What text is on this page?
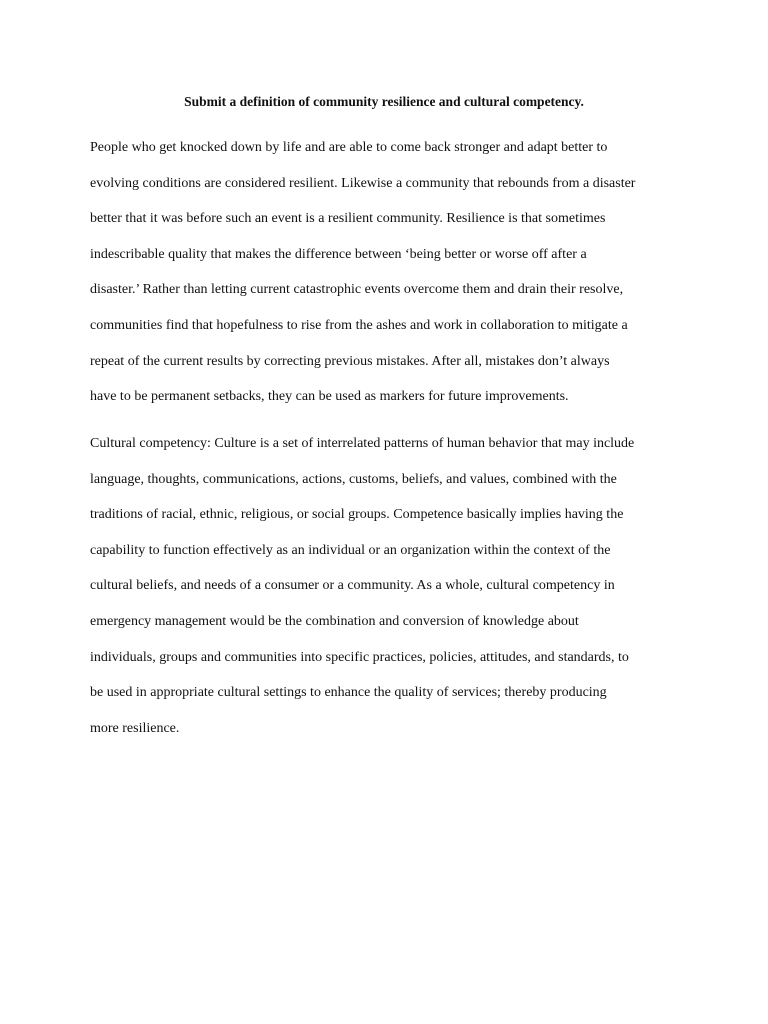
Submit a definition of community resilience and cultural competency.
People who get knocked down by life and are able to come back stronger and adapt better to
evolving conditions are considered resilient. Likewise a community that rebounds from a disaster
better that it was before such an event is a resilient community. Resilience is that sometimes
indescribable quality that makes the difference between ‘being better or worse off after a
disaster.’ Rather than letting current catastrophic events overcome them and drain their resolve,
communities find that hopefulness to rise from the ashes and work in collaboration to mitigate a
repeat of the current results by correcting previous mistakes. After all, mistakes don’t always
have to be permanent setbacks, they can be used as markers for future improvements.
Cultural competency: Culture is a set of interrelated patterns of human behavior that may include
language, thoughts, communications, actions, customs, beliefs, and values, combined with the
traditions of racial, ethnic, religious, or social groups. Competence basically implies having the
capability to function effectively as an individual or an organization within the context of the
cultural beliefs, and needs of a consumer or a community. As a whole, cultural competency in
emergency management would be the combination and conversion of knowledge about
individuals, groups and communities into specific practices, policies, attitudes, and standards, to
be used in appropriate cultural settings to enhance the quality of services; thereby producing
more resilience.
